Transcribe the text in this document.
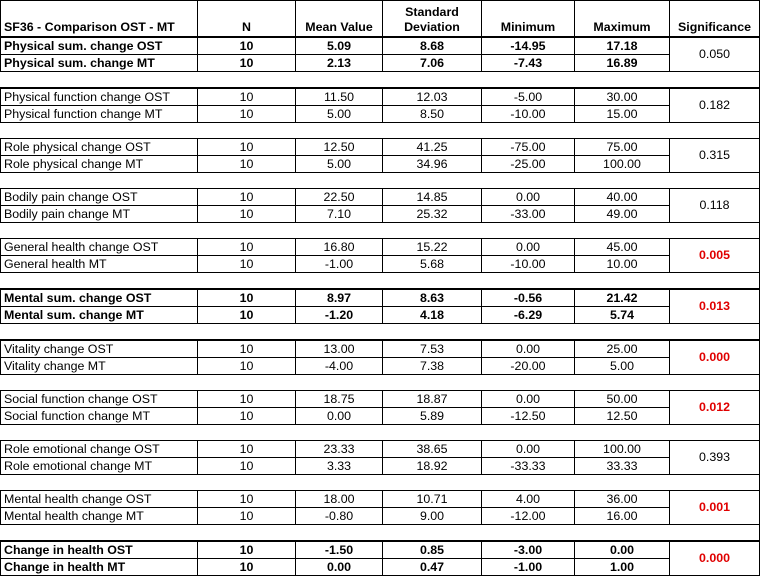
SF36 - Comparison OST - MT	N	Mean Value	Standard
Deviation	Minimum	Maximum	Significance
Physical sum. change OST	10	5.09	8.68	-14.95	17.18	0.050
Physical sum. change MT	10	2.13	7.06	-7.43	16.89	

Physical function change OST	10	11.50	12.03	-5.00	30.00	0.182
Physical function change MT	10	5.00	8.50	-10.00	15.00	

Role physical change OST	10	12.50	41.25	-75.00	75.00	0.315
Role physical change MT	10	5.00	34.96	-25.00	100.00	

Bodily pain change OST	10	22.50	14.85	0.00	40.00	0.118
Bodily pain change MT	10	7.10	25.32	-33.00	49.00	

General health change OST	10	16.80	15.22	0.00	45.00	0.005
General health MT	10	-1.00	5.68	-10.00	10.00	

Mental sum. change OST	10	8.97	8.63	-0.56	21.42	0.013
Mental sum. change MT	10	-1.20	4.18	-6.29	5.74	

Vitality change OST	10	13.00	7.53	0.00	25.00	0.000
Vitality change MT	10	-4.00	7.38	-20.00	5.00	

Social function change OST	10	18.75	18.87	0.00	50.00	0.012
Social function change MT	10	0.00	5.89	-12.50	12.50	

Role emotional change OST	10	23.33	38.65	0.00	100.00	0.393
Role emotional change MT	10	3.33	18.92	-33.33	33.33	

Mental health change OST	10	18.00	10.71	4.00	36.00	0.001
Mental health change MT	10	-0.80	9.00	-12.00	16.00	

Change in health OST	10	-1.50	0.85	-3.00	0.00	0.000
Change in health MT	10	0.00	0.47	-1.00	1.00	
